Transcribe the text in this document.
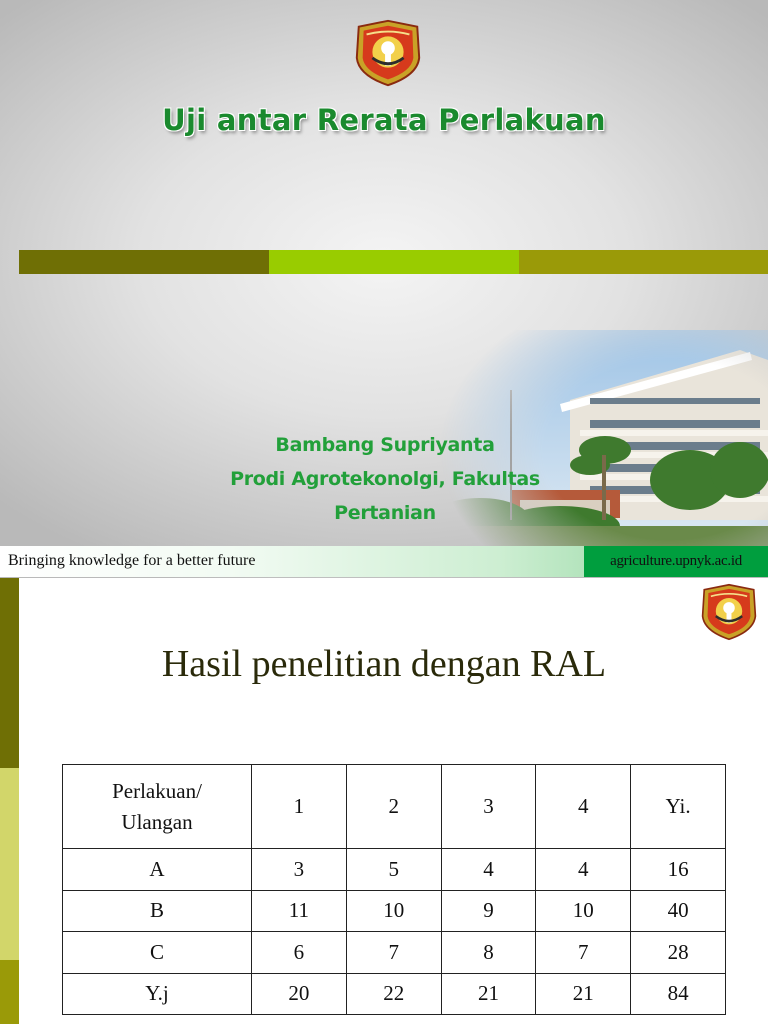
Uji antar Rerata Perlakuan
Bambang Supriyanta
Prodi Agrotekonolgi, Fakultas Pertanian
Bringing knowledge for a better future	agriculture.upnyk.ac.id
Hasil penelitian dengan RAL
Perlakuan/
Ulangan	1	2	3	4	Yi.
A	3	5	4	4	16
B	11	10	9	10	40
C	6	7	8	7	28
Y.j	20	22	21	21	84
